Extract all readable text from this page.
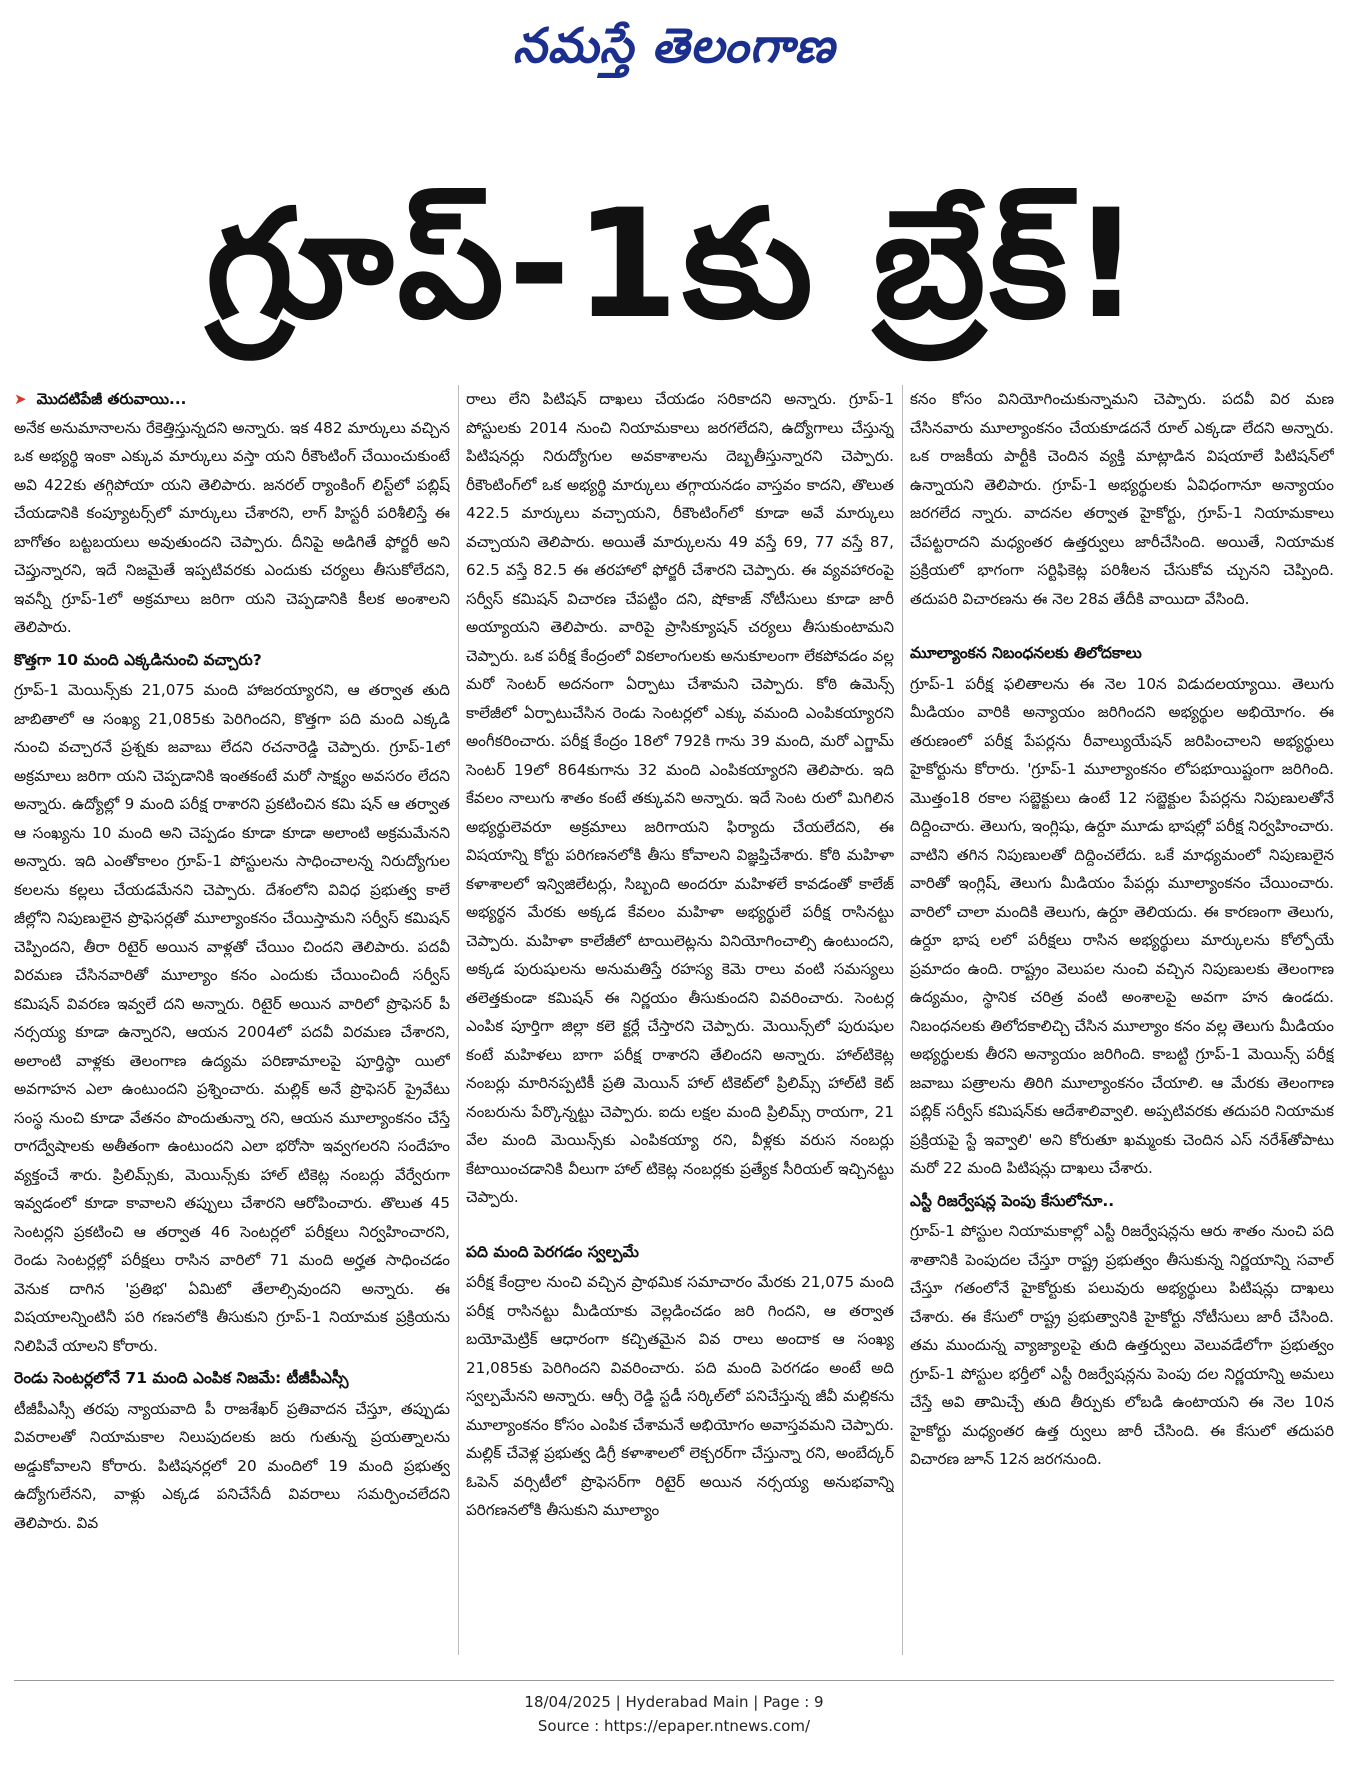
నమస్తే తెలంగాణ
గ్రూప్‌-1కు బ్రేక్‌!

➤ మొదటిపేజీ తరువాయి...

అనేక అనుమానాలను రేకెత్తిస్తున్నదని అన్నారు. ఇక 482 మార్కులు వచ్చిన ఒక అభ్యర్థి ఇంకా ఎక్కువ మార్కులు వస్తా యని రీకౌంటింగ్‌ చేయించుకుంటే అవి 422కు తగ్గిపోయా యని తెలిపారు. జనరల్‌ ర్యాంకింగ్‌ లిస్ట్‌లో పబ్లిష్‌ చేయడానికి కంప్యూటర్స్‌లో మార్కులు చేశారని, లాగ్‌ హిస్టరీ పరిశీలిస్తే ఈ బాగోతం బట్టబయలు అవుతుందని చెప్పారు. దీనిపై అడిగితే ఫోర్జరీ అని చెప్తున్నారని, ఇదే నిజమైతే ఇప్పటివరకు ఎందుకు చర్యలు తీసుకోలేదని, ఇవన్నీ గ్రూప్‌-1లో అక్రమాలు జరిగా యని చెప్పడానికి కీలక అంశాలని తెలిపారు.

కొత్తగా 10 మంది ఎక్కడినుంచి వచ్చారు?

గ్రూప్‌-1 మెయిన్స్‌కు 21,075 మంది హాజరయ్యారని, ఆ తర్వాత తుది జాబితాలో ఆ సంఖ్య 21,085కు పెరిగిందని, కొత్తగా పది మంది ఎక్కడి నుంచి వచ్చారనే ప్రశ్నకు జవాబు లేదని రచనారెడ్డి చెప్పారు. గ్రూప్‌-1లో అక్రమాలు జరిగా యని చెప్పడానికి ఇంతకంటే మరో సాక్ష్యం అవసరం లేదని అన్నారు. ఉద్యోల్లో 9 మంది పరీక్ష రాశారని ప్రకటించిన కమి షన్‌ ఆ తర్వాత ఆ సంఖ్యను 10 మంది అని చెప్పడం కూడా కూడా అలాంటి అక్రమమేనని అన్నారు. ఇది ఎంతోకాలం గ్రూప్‌-1 పోస్టులను సాధించాలన్న నిరుద్యోగుల కలలను కల్లలు చేయడమేనని చెప్పారు. దేశంలోని వివిధ ప్రభుత్వ కాలే జీల్లోని నిపుణులైన ప్రొఫెసర్లతో మూల్యాంకనం చేయిస్తామని సర్వీస్‌ కమిషన్‌ చెప్పిందని, తీరా రిటైర్‌ అయిన వాళ్లతో చేయిం చిందని తెలిపారు. పదవీ విరమణ చేసినవారితో మూల్యాం కనం ఎందుకు చేయించిందీ సర్వీస్‌ కమిషన్‌ వివరణ ఇవ్వలే దని అన్నారు. రిటైర్‌ అయిన వారిలో ప్రొఫెసర్‌ పీ నర్సయ్య కూడా ఉన్నారని, ఆయన 2004లో పదవీ విరమణ చేశారని, అలాంటి వాళ్లకు తెలంగాణ ఉద్యమ పరిణామాలపై పూర్తిస్థా యిలో అవగాహన ఎలా ఉంటుందని ప్రశ్నించారు. మల్లిక్‌ అనే ప్రొఫెసర్‌ ప్రైవేటు సంస్థ నుంచి కూడా వేతనం పొందుతున్నా రని, ఆయన మూల్యాంకనం చేస్తే రాగద్వేషాలకు అతీతంగా ఉంటుందని ఎలా భరోసా ఇవ్వగలరని సందేహం వ్యక్తంచే శారు. ప్రిలిమ్స్‌కు, మెయిన్స్‌కు హాల్‌ టికెట్ల నంబర్లు వేర్వేరుగా ఇవ్వడంలో కూడా కావాలని తప్పులు చేశారని ఆరోపించారు. తొలుత 45 సెంటర్లని ప్రకటించి ఆ తర్వాత 46 సెంటర్లలో పరీక్షలు నిర్వహించారని, రెండు సెంటర్లల్లో పరీక్షలు రాసిన వారిలో 71 మంది అర్హత సాధించడం వెనుక దాగిన 'ప్రతిభ' ఏమిటో తేలాల్సివుందని అన్నారు. ఈ విషయాలన్నింటినీ పరి గణనలోకి తీసుకుని గ్రూప్‌-1 నియామక ప్రక్రియను నిలిపివే యాలని కోరారు.

రెండు సెంటర్లలోనే 71 మంది ఎంపిక నిజమే: టీజీపీఎస్సీ

టీజీపీఎస్సీ తరపు న్యాయవాది పీ రాజశేఖర్‌ ప్రతివాదన చేస్తూ, తప్పుడు వివరాలతో నియామకాల నిలుపుదలకు జరు గుతున్న ప్రయత్నాలను అడ్డుకోవాలని కోరారు. పిటిషనర్లలో 20 మందిలో 19 మంది ప్రభుత్వ ఉద్యోగులేనని, వాళ్లు ఎక్కడ పనిచేసేదీ వివరాలు సమర్పించలేదని తెలిపారు. వివ

రాలు లేని పిటిషన్‌ దాఖలు చేయడం సరికాదని అన్నారు. గ్రూప్‌-1 పోస్టులకు 2014 నుంచి నియామకాలు జరగలేదని, ఉద్యోగాలు చేస్తున్న పిటిషనర్లు నిరుద్యోగుల అవకాశాలను దెబ్బతీస్తున్నారని చెప్పారు. రీకౌంటింగ్‌లో ఒక అభ్యర్థి మార్కులు తగ్గాయనడం వాస్తవం కాదని, తొలుత 422.5 మార్కులు వచ్చాయని, రీకౌంటింగ్‌లో కూడా అవే మార్కులు వచ్చాయని తెలిపారు. అయితే మార్కులను 49 వస్తే 69, 77 వస్తే 87, 62.5 వస్తే 82.5 ఈ తరహాలో ఫోర్జరీ చేశారని చెప్పారు. ఈ వ్యవహారంపై సర్వీస్‌ కమిషన్‌ విచారణ చేపట్టిం దని, షోకాజ్‌ నోటీసులు కూడా జారీ అయ్యాయని తెలిపారు. వారిపై ప్రాసిక్యూషన్‌ చర్యలు తీసుకుంటామని చెప్పారు. ఒక పరీక్ష కేంద్రంలో వికలాంగులకు అనుకూలంగా లేకపోవడం వల్ల మరో సెంటర్‌ అదనంగా ఏర్పాటు చేశామని చెప్పారు. కోఠి ఉమెన్స్‌ కాలేజీలో ఏర్పాటుచేసిన రెండు సెంటర్లలో ఎక్కు వమంది ఎంపికయ్యారని అంగీకరించారు. పరీక్ష కేంద్రం 18లో 792కి గాను 39 మంది, మరో ఎగ్జామ్‌ సెంటర్‌ 19లో 864కుగాను 32 మంది ఎంపికయ్యారని తెలిపారు. ఇది కేవలం నాలుగు శాతం కంటే తక్కువని అన్నారు. ఇదే సెంట రులో మిగిలిన అభ్యర్థులెవరూ అక్రమాలు జరిగాయని ఫిర్యాదు చేయలేదని, ఈ విషయాన్ని కోర్టు పరిగణనలోకి తీసు కోవాలని విజ్ఞప్తిచేశారు. కోఠి మహిళా కళాశాలలో ఇన్విజిలేటర్లు, సిబ్బంది అందరూ మహిళలే కావడంతో కాలేజ్‌ అభ్యర్థన మేరకు అక్కడ కేవలం మహిళా అభ్యర్థులే పరీక్ష రాసినట్టు చెప్పారు. మహిళా కాలేజీలో టాయిలెట్లను వినియోగించాల్సి ఉంటుందని, అక్కడ పురుషులను అనుమతిస్తే రహస్య కెమె రాలు వంటి సమస్యలు తలెత్తకుండా కమిషన్‌ ఈ నిర్ణయం తీసుకుందని వివరించారు. సెంటర్ల ఎంపిక పూర్తిగా జిల్లా కలె క్టర్లే చేస్తారని చెప్పారు. మెయిన్స్‌లో పురుషుల కంటే మహిళలు బాగా పరీక్ష రాశారని తేలిందని అన్నారు. హాల్‌టికెట్ల నంబర్లు మారినప్పటికీ ప్రతి మెయిన్‌ హాల్‌ టికెట్‌లో ప్రిలిమ్స్‌ హాల్‌టి కెట్‌ నంబరును పేర్కొన్నట్టు చెప్పారు. ఐదు లక్షల మంది ప్రిలిమ్స్‌ రాయగా, 21 వేల మంది మెయిన్స్‌కు ఎంపికయ్యా రని, వీళ్లకు వరుస నంబర్లు కేటాయించడానికి వీలుగా హాల్‌ టికెట్ల నంబర్లకు ప్రత్యేక సీరియల్‌ ఇచ్చినట్టు చెప్పారు.

పది మంది పెరగడం స్వల్పమే

పరీక్ష కేంద్రాల నుంచి వచ్చిన ప్రాథమిక సమాచారం మేరకు 21,075 మంది పరీక్ష రాసినట్టు మీడియాకు వెల్లడించడం జరి గిందని, ఆ తర్వాత బయోమెట్రిక్‌ ఆధారంగా కచ్చితమైన వివ రాలు అందాక ఆ సంఖ్య 21,085కు పెరిగిందని వివరించారు. పది మంది పెరగడం అంటే అది స్వల్పమేనని అన్నారు. ఆర్సీ రెడ్డి స్టడీ సర్కిల్‌లో పనిచేస్తున్న జీవీ మల్లికను మూల్యాంకనం కోసం ఎంపిక చేశామనే అభియోగం అవాస్తవమని చెప్పారు. మల్లిక్‌ చేవెళ్ల ప్రభుత్వ డిగ్రీ కళాశాలలో లెక్చరర్‌గా చేస్తున్నా రని, అంబేద్కర్‌ ఓపెన్‌ వర్సిటీలో ప్రొఫెసర్‌గా రిటైర్‌ అయిన నర్సయ్య అనుభవాన్ని పరిగణనలోకి తీసుకుని మూల్యాం

కనం కోసం వినియోగించుకున్నామని చెప్పారు. పదవీ విర మణ చేసినవారు మూల్యాంకనం చేయకూడదనే రూల్‌ ఎక్కడా లేదని అన్నారు. ఒక రాజకీయ పార్టీకి చెందిన వ్యక్తి మాట్లాడిన విషయాలే పిటిషన్‌లో ఉన్నాయని తెలిపారు. గ్రూప్‌-1 అభ్యర్థులకు ఏవిధంగానూ అన్యాయం జరగలేద న్నారు. వాదనల తర్వాత హైకోర్టు, గ్రూప్‌-1 నియామకాలు చేపట్టరాదని మధ్యంతర ఉత్తర్వులు జారీచేసింది. అయితే, నియామక ప్రక్రియలో భాగంగా సర్టిఫికెట్ల పరిశీలన చేసుకోవ చ్చునని చెప్పింది. తదుపరి విచారణను ఈ నెల 28వ తేదీకి వాయిదా వేసింది.

మూల్యాంకన నిబంధనలకు తిలోదకాలు

గ్రూప్‌-1 పరీక్ష ఫలితాలను ఈ నెల 10న విడుదలయ్యాయి. తెలుగు మీడియం వారికి అన్యాయం జరిగిందని అభ్యర్థుల అభియోగం. ఈ తరుణంలో పరీక్ష పేపర్లను రీవాల్యుయేషన్‌ జరిపించాలని అభ్యర్థులు హైకోర్టును కోరారు. 'గ్రూప్‌-1 మూల్యాంకనం లోపభూయిష్టంగా జరిగింది. మొత్తం18 రకాల సబ్జెక్టులు ఉంటే 12 సబ్జెక్టుల పేపర్లను నిపుణులతోనే దిద్దించారు. తెలుగు, ఇంగ్లిషు, ఉర్దూ మూడు భాషల్లో పరీక్ష నిర్వహించారు. వాటిని తగిన నిపుణులతో దిద్దించలేదు. ఒకే మాధ్యమంలో నిపుణులైన వారితో ఇంగ్లిష్‌, తెలుగు మీడియం పేపర్లు మూల్యాంకనం చేయించారు. వారిలో చాలా మందికి తెలుగు, ఉర్దూ తెలియదు. ఈ కారణంగా తెలుగు, ఉర్దూ భాష లలో పరీక్షలు రాసిన అభ్యర్థులు మార్కులను కోల్పోయే ప్రమాదం ఉంది. రాష్ట్రం వెలుపల నుంచి వచ్చిన నిపుణులకు తెలంగాణ ఉద్యమం, స్థానిక చరిత్ర వంటి అంశాలపై అవగా హన ఉండదు. నిబంధనలకు తిలోదకాలిచ్చి చేసిన మూల్యాం కనం వల్ల తెలుగు మీడియం అభ్యర్థులకు తీరని అన్యాయం జరిగింది. కాబట్టి గ్రూప్‌-1 మెయిన్స్‌ పరీక్ష జవాబు పత్రాలను తిరిగి మూల్యాంకనం చేయాలి. ఆ మేరకు తెలంగాణ పబ్లిక్‌ సర్వీస్‌ కమిషన్‌కు ఆదేశాలివ్వాలి. అప్పటివరకు తదుపరి నియామక ప్రక్రియపై స్టే ఇవ్వాలి' అని కోరుతూ ఖమ్మంకు చెందిన ఎస్‌ నరేశ్‌తోపాటు మరో 22 మంది పిటిషన్లు దాఖలు చేశారు.

ఎస్టీ రిజర్వేషన్ల పెంపు కేసులోనూ..

గ్రూప్‌-1 పోస్టుల నియామకాల్లో ఎస్టీ రిజర్వేషన్లను ఆరు శాతం నుంచి పది శాతానికి పెంపుదల చేస్తూ రాష్ట్ర ప్రభుత్వం తీసుకున్న నిర్ణయాన్ని సవాల్‌ చేస్తూ గతంలోనే హైకోర్టుకు పలువురు అభ్యర్థులు పిటిషన్లు దాఖలు చేశారు. ఈ కేసులో రాష్ట్ర ప్రభుత్వానికి హైకోర్టు నోటీసులు జారీ చేసింది. తమ ముందున్న వ్యాజ్యాలపై తుది ఉత్తర్వులు వెలువడేలోగా ప్రభుత్వం గ్రూప్‌-1 పోస్టుల భర్తీలో ఎస్టీ రిజర్వేషన్లను పెంపు దల నిర్ణయాన్ని అమలు చేస్తే అవి తామిచ్చే తుది తీర్పుకు లోబడి ఉంటాయని ఈ నెల 10న హైకోర్టు మధ్యంతర ఉత్త ర్వులు జారీ చేసింది. ఈ కేసులో తదుపరి విచారణ జూన్‌ 12న జరగనుంది.

18/04/2025 | Hyderabad Main | Page : 9
Source : https://epaper.ntnews.com/
